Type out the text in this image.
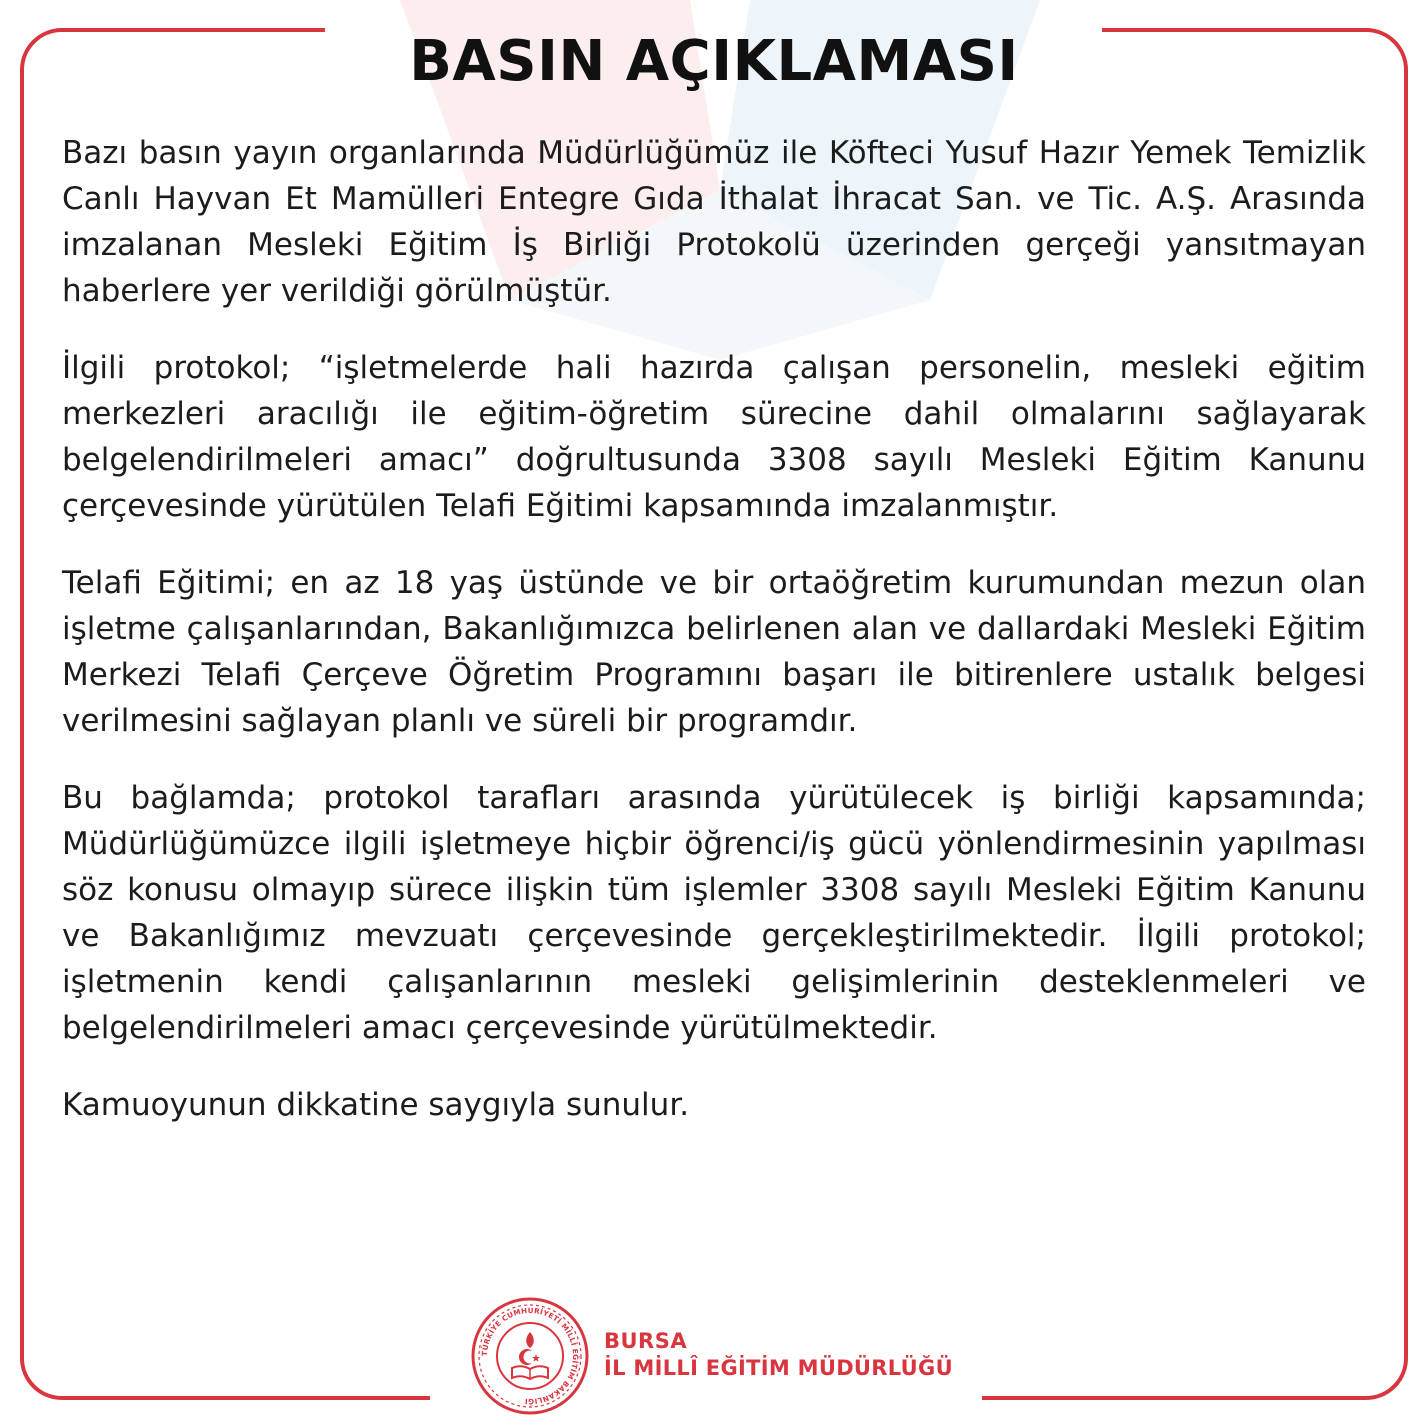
BASIN AÇIKLAMASI

Bazı basın yayın organlarında Müdürlüğümüz ile Köfteci Yusuf Hazır Yemek Temizlik Canlı Hayvan Et Mamülleri Entegre Gıda İthalat İhracat San. ve Tic. A.Ş. Arasında imzalanan Mesleki Eğitim İş Birliği Protokolü üzerinden gerçeği yansıtmayan haberlere yer verildiği görülmüştür.

İlgili protokol; “işletmelerde hali hazırda çalışan personelin, mesleki eğitim merkezleri aracılığı ile eğitim-öğretim sürecine dahil olmalarını sağlayarak belgelendirilmeleri amacı” doğrultusunda 3308 sayılı Mesleki Eğitim Kanunu çerçevesinde yürütülen Telafi Eğitimi kapsamında imzalanmıştır.

Telafi Eğitimi; en az 18 yaş üstünde ve bir ortaöğretim kurumundan mezun olan işletme çalışanlarından, Bakanlığımızca belirlenen alan ve dallardaki Mesleki Eğitim Merkezi Telafi Çerçeve Öğretim Programını başarı ile bitirenlere ustalık belgesi verilmesini sağlayan planlı ve süreli bir programdır.

Bu bağlamda; protokol tarafları arasında yürütülecek iş birliği kapsamında; Müdürlüğümüzce ilgili işletmeye hiçbir öğrenci/iş gücü yönlendirmesinin yapılması söz konusu olmayıp sürece ilişkin tüm işlemler 3308 sayılı Mesleki Eğitim Kanunu ve Bakanlığımız mevzuatı çerçevesinde gerçekleştirilmektedir. İlgili protokol; işletmenin kendi çalışanlarının mesleki gelişimlerinin desteklenmeleri ve belgelendirilmeleri amacı çerçevesinde yürütülmektedir.

Kamuoyunun dikkatine saygıyla sunulur.

TÜRKİYE CUMHURİYETİ MİLLÎ EĞİTİM BAKANLIĞI
BURSA
İL MİLLÎ EĞİTİM MÜDÜRLÜĞÜ
